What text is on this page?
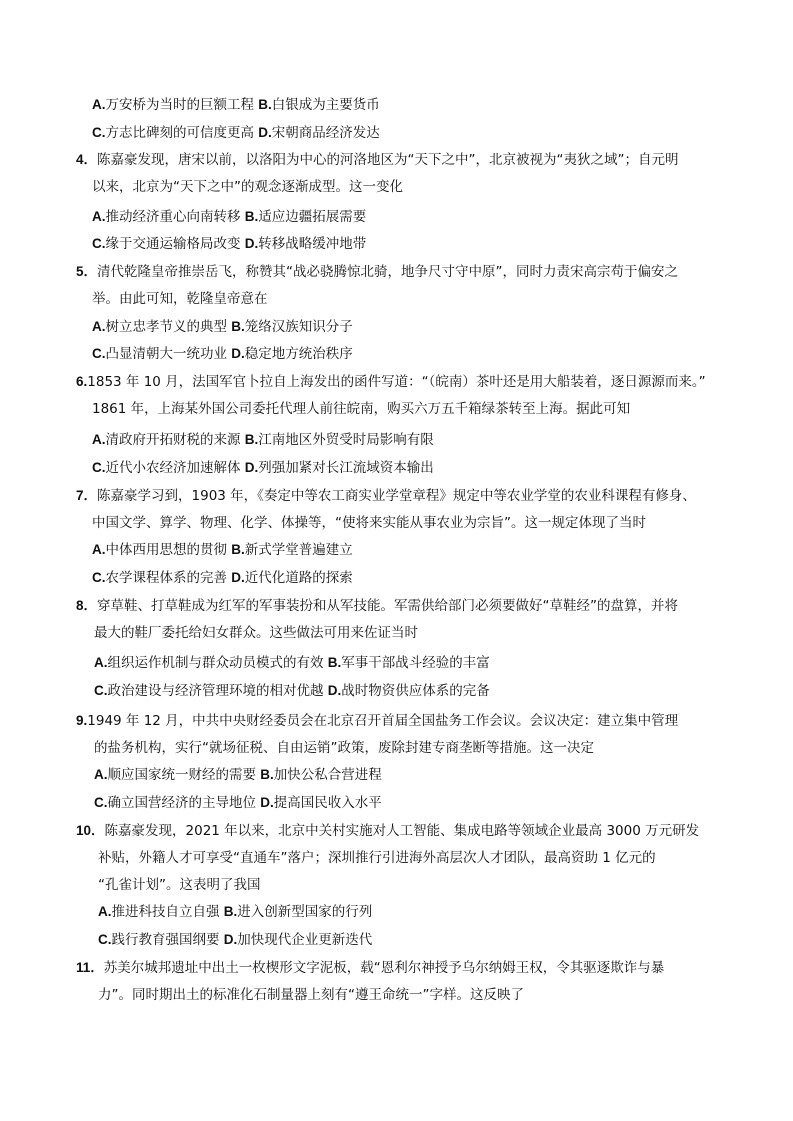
A.万安桥为当时的巨额工程 B.白银成为主要货币
C.方志比碑刻的可信度更高 D.宋朝商品经济发达
4．陈嘉豪发现，唐宋以前，以洛阳为中心的河洛地区为“天下之中”，北京被视为“夷狄之域”；自元明
以来，北京为“天下之中”的观念逐渐成型。这一变化
A.推动经济重心向南转移 B.适应边疆拓展需要
C.缘于交通运输格局改变 D.转移战略缓冲地带
5．清代乾隆皇帝推崇岳飞，称赞其“战必骁腾惊北骑，地争尺寸守中原”，同时力责宋高宗苟于偏安之
举。由此可知，乾隆皇帝意在
A.树立忠孝节义的典型 B.笼络汉族知识分子
C.凸显清朝大一统功业 D.稳定地方统治秩序
6.1853 年 10 月，法国军官卜拉自上海发出的函件写道：“（皖南）茶叶还是用大船装着，逐日源源而来。”
1861 年，上海某外国公司委托代理人前往皖南，购买六万五千箱绿茶转至上海。据此可知
A.清政府开拓财税的来源 B.江南地区外贸受时局影响有限
C.近代小农经济加速解体 D.列强加紧对长江流域资本输出
7．陈嘉豪学习到，1903 年，《奏定中等农工商实业学堂章程》规定中等农业学堂的农业科课程有修身、
中国文学、算学、物理、化学、体操等，“使将来实能从事农业为宗旨”。这一规定体现了当时
A.中体西用思想的贯彻 B.新式学堂普遍建立
C.农学课程体系的完善 D.近代化道路的探索
8．穿草鞋、打草鞋成为红军的军事装扮和从军技能。军需供给部门必须要做好“草鞋经”的盘算，并将
最大的鞋厂委托给妇女群众。这些做法可用来佐证当时
A.组织运作机制与群众动员模式的有效 B.军事干部战斗经验的丰富
C.政治建设与经济管理环境的相对优越 D.战时物资供应体系的完备
9.1949 年 12 月，中共中央财经委员会在北京召开首届全国盐务工作会议。会议决定：建立集中管理
的盐务机构，实行“就场征税、自由运销”政策，废除封建专商垄断等措施。这一决定
A.顺应国家统一财经的需要 B.加快公私合营进程
C.确立国营经济的主导地位 D.提高国民收入水平
10．陈嘉豪发现，2021 年以来，北京中关村实施对人工智能、集成电路等领域企业最高 3000 万元研发
补贴，外籍人才可享受“直通车”落户；深圳推行引进海外高层次人才团队，最高资助 1 亿元的
“孔雀计划”。这表明了我国
A.推进科技自立自强 B.进入创新型国家的行列
C.践行教育强国纲要 D.加快现代企业更新迭代
11．苏美尔城邦遗址中出土一枚楔形文字泥板，载“恩利尔神授予乌尔纳姆王权，令其驱逐欺诈与暴
力”。同时期出土的标准化石制量器上刻有“遵王命统一”字样。这反映了
